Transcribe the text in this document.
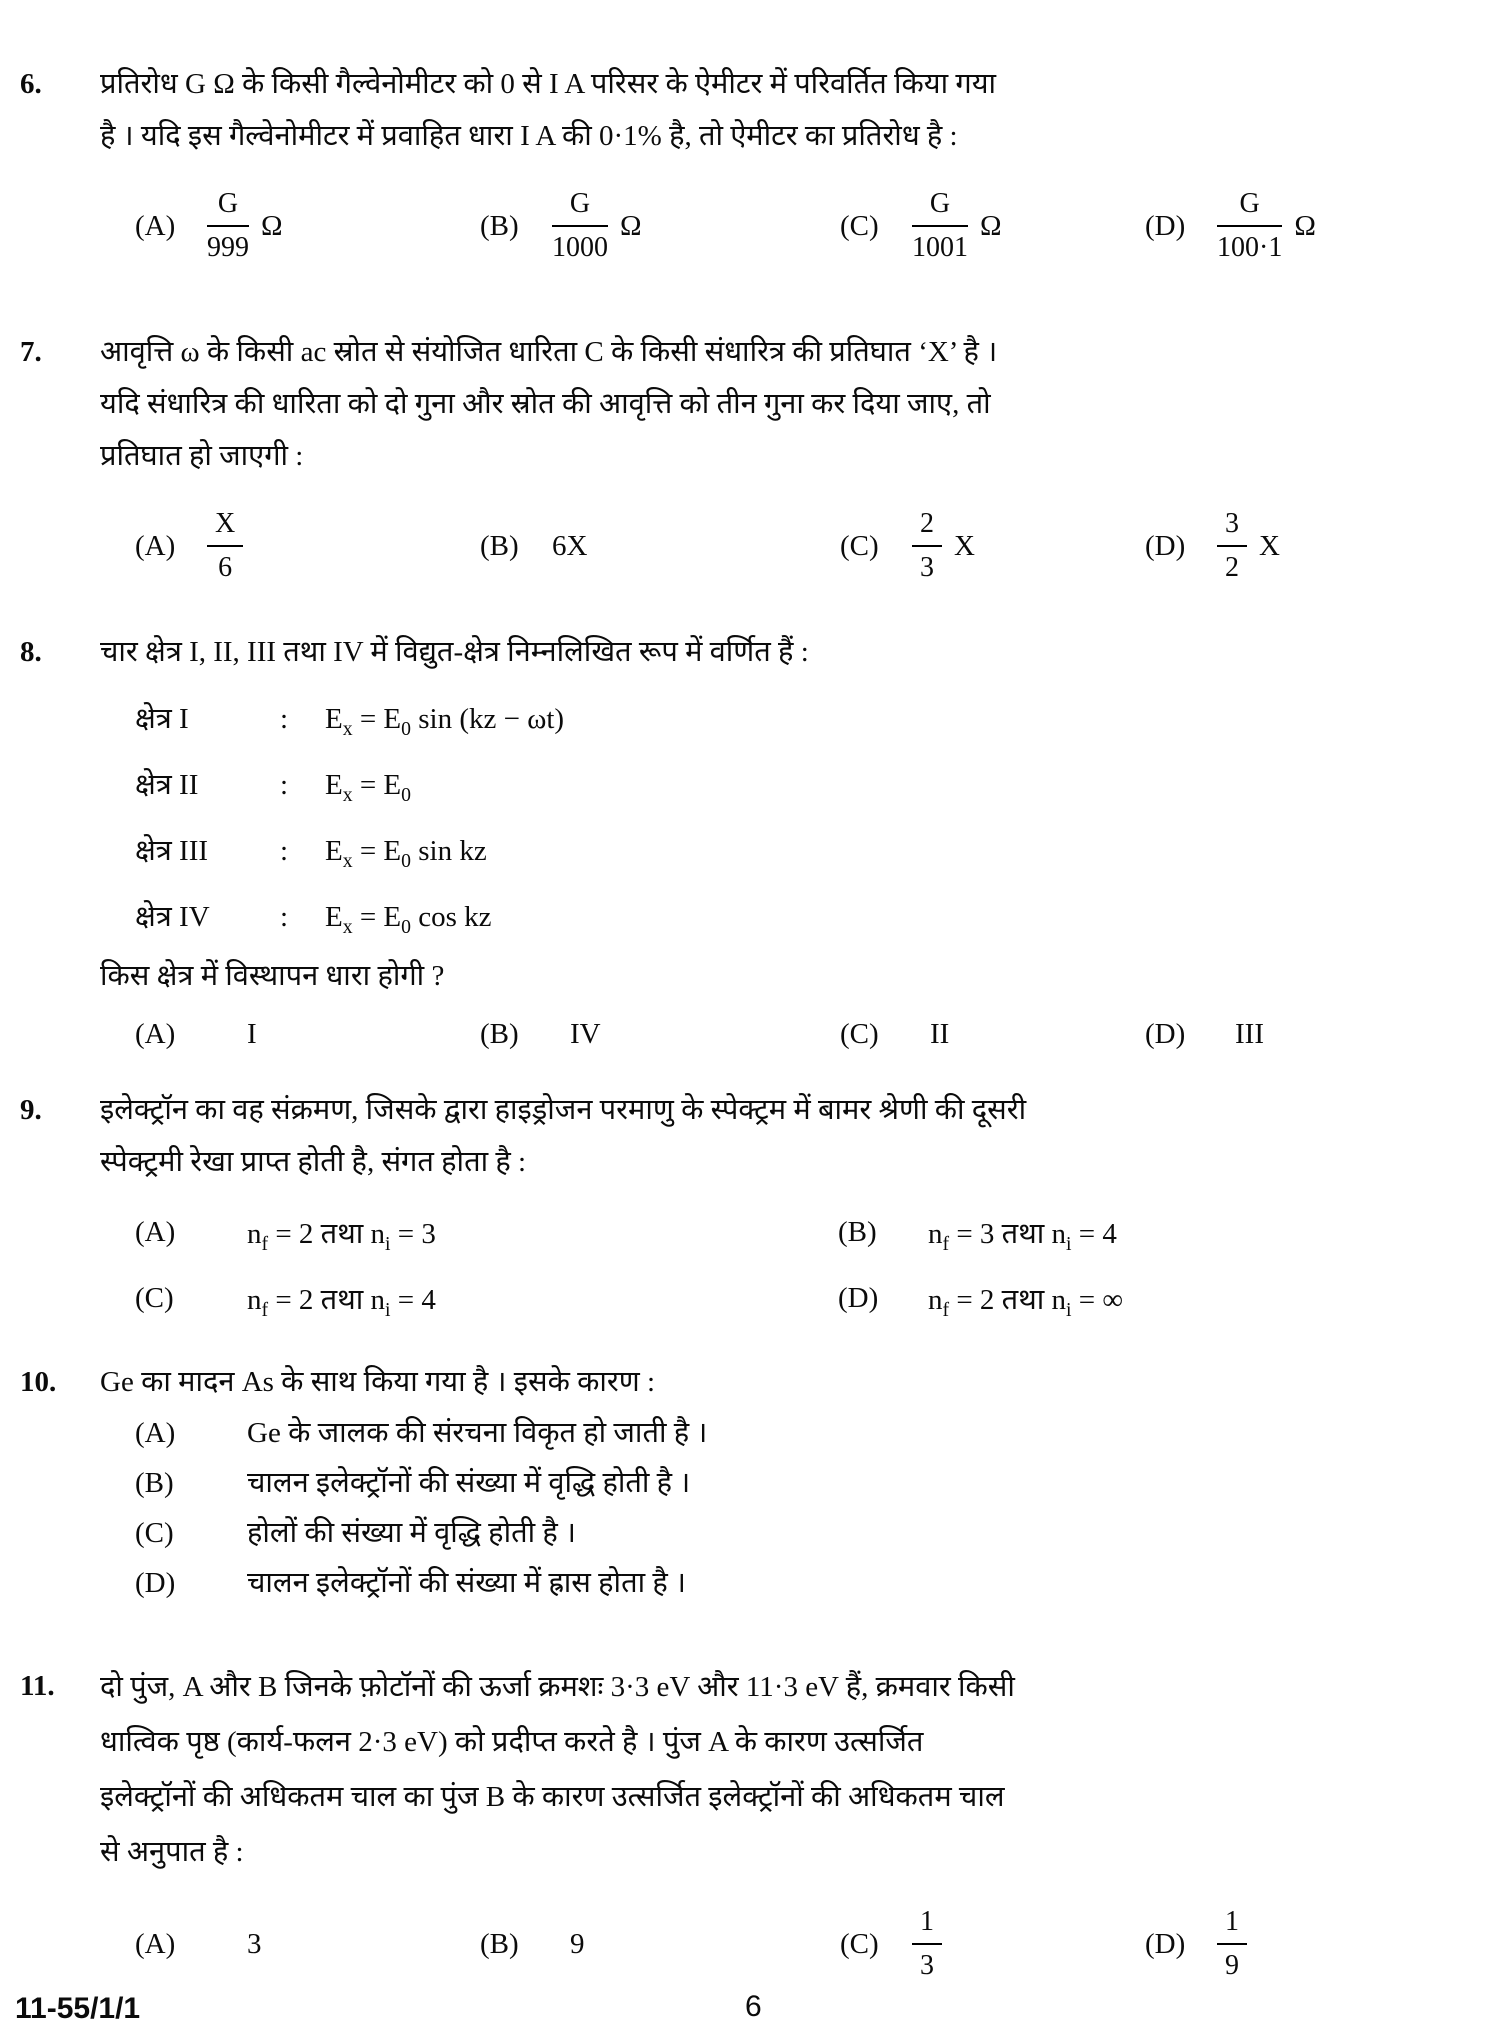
6.	प्रतिरोध G Ω के किसी गैल्वेनोमीटर को 0 से I A परिसर के ऐमीटर में परिवर्तित किया गया
है । यदि इस गैल्वेनोमीटर में प्रवाहित धारा I A की 0·1% है, तो ऐमीटर का प्रतिरोध है :
(A)	$\frac{G}{999}$ Ω	(B)	$\frac{G}{1000}$ Ω	(C)	$\frac{G}{1001}$ Ω	(D)	$\frac{G}{100\cdot 1}$ Ω
7.	आवृत्ति ω के किसी ac स्रोत से संयोजित धारिता C के किसी संधारित्र की प्रतिघात ‘X’ है ।
यदि संधारित्र की धारिता को दो गुना और स्रोत की आवृत्ति को तीन गुना कर दिया जाए, तो
प्रतिघात हो जाएगी :
(A)	$\frac{X}{6}$	(B)	6X	(C)	$\frac{2}{3}$ X	(D)	$\frac{3}{2}$ X
8.	चार क्षेत्र I, II, III तथा IV में विद्युत-क्षेत्र निम्नलिखित रूप में वर्णित हैं :
क्षेत्र I	: $E_x = E_0$ sin (kz − ωt)
क्षेत्र II	: $E_x = E_0$
क्षेत्र III : $E_x = E_0$ sin kz
क्षेत्र IV : $E_x = E_0$ cos kz
किस क्षेत्र में विस्थापन धारा होगी ?
(A)	I	(B)	IV	(C)	II	(D)	III
9.	इलेक्ट्रॉन का वह संक्रमण, जिसके द्वारा हाइड्रोजन परमाणु के स्पेक्ट्रम में बामर श्रेणी की दूसरी
स्पेक्ट्रमी रेखा प्राप्त होती है, संगत होता है :
(A)	$n_f = 2$ तथा $n_i = 3$	(B)	$n_f = 3$ तथा $n_i = 4$
(C)	$n_f = 2$ तथा $n_i = 4$	(D)	$n_f = 2$ तथा $n_i$ = ∞
10.	Ge का मादन As के साथ किया गया है । इसके कारण :
(A) Ge के जालक की संरचना विकृत हो जाती है ।
(B)	चालन इलेक्ट्रॉनों की संख्या में वृद्धि होती है ।
(C)	होलों की संख्या में वृद्धि होती है ।
(D) चालन इलेक्ट्रॉनों की संख्या में ह्रास होता है ।
11.	दो पुंज, A और B जिनके फ़ोटॉनों की ऊर्जा क्रमशः 3·3 eV और 11·3 eV हैं, क्रमवार किसी
धात्विक पृष्ठ (कार्य-फलन 2·3 eV) को प्रदीप्त करते है । पुंज A के कारण उत्सर्जित
इलेक्ट्रॉनों की अधिकतम चाल का पुंज B के कारण उत्सर्जित इलेक्ट्रॉनों की अधिकतम चाल
से अनुपात है :
(A)	3	(B)	9	(C)	$\frac{1}{3}$	(D)	$\frac{1}{9}$
11-55/1/1	6
